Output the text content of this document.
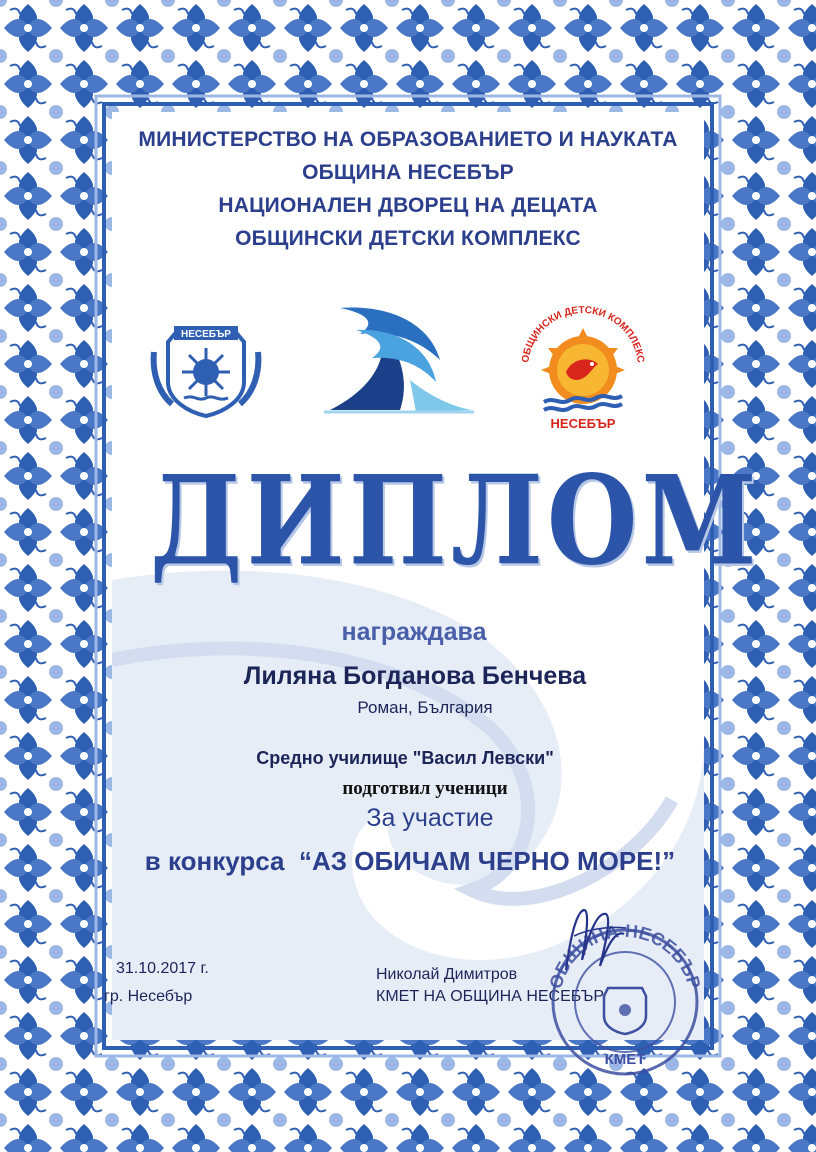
МИНИСТЕРСТВО НА ОБРАЗОВАНИЕТО И НАУКАТА
ОБЩИНА НЕСЕБЪР
НАЦИОНАЛЕН ДВОРЕЦ НА ДЕЦАТА
ОБЩИНСКИ ДЕТСКИ КОМПЛЕКС
НЕСЕБЪР
ОБЩИНСКИ ДЕТСКИ КОМПЛЕКС
НЕСЕБЪР
ДИПЛОМ
награждава
Лиляна Богданова Бенчева
Роман, България
Средно училище "Васил Левски"
подготвил ученици
За участие
в конкурса “АЗ ОБИЧАМ ЧЕРНО МОРЕ!”
31.10.2017 г.
гр. Несебър
Николай Димитров
КМЕТ НА ОБЩИНА НЕСЕБЪР
ОБЩИНА НЕСЕБЪР
КМЕТ
